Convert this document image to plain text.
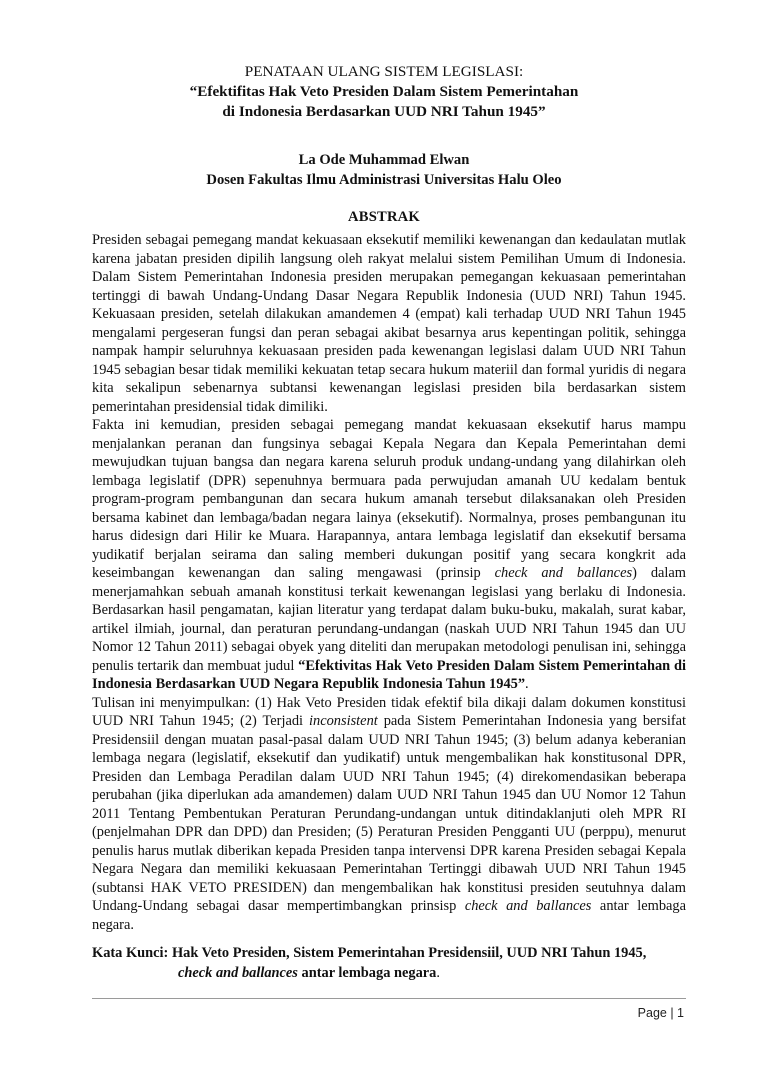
PENATAAN ULANG SISTEM LEGISLASI:
“Efektifitas Hak Veto Presiden Dalam Sistem Pemerintahan
di Indonesia Berdasarkan UUD NRI Tahun 1945”
La Ode Muhammad Elwan
Dosen Fakultas Ilmu Administrasi Universitas Halu Oleo
ABSTRAK

Presiden sebagai pemegang mandat kekuasaan eksekutif memiliki kewenangan dan kedaulatan mutlak karena jabatan presiden dipilih langsung oleh rakyat melalui sistem Pemilihan Umum di Indonesia. Dalam Sistem Pemerintahan Indonesia presiden merupakan pemegangan kekuasaan pemerintahan tertinggi di bawah Undang-Undang Dasar Negara Republik Indonesia (UUD NRI) Tahun 1945. Kekuasaan presiden, setelah dilakukan amandemen 4 (empat) kali terhadap UUD NRI Tahun 1945 mengalami pergeseran fungsi dan peran sebagai akibat besarnya arus kepentingan politik, sehingga nampak hampir seluruhnya kekuasaan presiden pada kewenangan legislasi dalam UUD NRI Tahun 1945 sebagian besar tidak memiliki kekuatan tetap secara hukum materiil dan formal yuridis di negara kita sekalipun sebenarnya subtansi kewenangan legislasi presiden bila berdasarkan sistem pemerintahan presidensial tidak dimiliki.

Fakta ini kemudian, presiden sebagai pemegang mandat kekuasaan eksekutif harus mampu menjalankan peranan dan fungsinya sebagai Kepala Negara dan Kepala Pemerintahan demi mewujudkan tujuan bangsa dan negara karena seluruh produk undang-undang yang dilahirkan oleh lembaga legislatif (DPR) sepenuhnya bermuara pada perwujudan amanah UU kedalam bentuk program-program pembangunan dan secara hukum amanah tersebut dilaksanakan oleh Presiden bersama kabinet dan lembaga/badan negara lainya (eksekutif). Normalnya, proses pembangunan itu harus didesign dari Hilir ke Muara. Harapannya, antara lembaga legislatif dan eksekutif bersama yudikatif berjalan seirama dan saling memberi dukungan positif yang secara kongkrit ada keseimbangan kewenangan dan saling mengawasi (prinsip check and ballances) dalam menerjamahkan sebuah amanah konstitusi terkait kewenangan legislasi yang berlaku di Indonesia. Berdasarkan hasil pengamatan, kajian literatur yang terdapat dalam buku-buku, makalah, surat kabar, artikel ilmiah, journal, dan peraturan perundang-undangan (naskah UUD NRI Tahun 1945 dan UU Nomor 12 Tahun 2011) sebagai obyek yang diteliti dan merupakan metodologi penulisan ini, sehingga penulis tertarik dan membuat judul “Efektivitas Hak Veto Presiden Dalam Sistem Pemerintahan di Indonesia Berdasarkan UUD Negara Republik Indonesia Tahun 1945”.

Tulisan ini menyimpulkan: (1) Hak Veto Presiden tidak efektif bila dikaji dalam dokumen konstitusi UUD NRI Tahun 1945; (2) Terjadi inconsistent pada Sistem Pemerintahan Indonesia yang bersifat Presidensiil dengan muatan pasal-pasal dalam UUD NRI Tahun 1945; (3) belum adanya keberanian lembaga negara (legislatif, eksekutif dan yudikatif) untuk mengembalikan hak konstitusonal DPR, Presiden dan Lembaga Peradilan dalam UUD NRI Tahun 1945; (4) direkomendasikan beberapa perubahan (jika diperlukan ada amandemen) dalam UUD NRI Tahun 1945 dan UU Nomor 12 Tahun 2011 Tentang Pembentukan Peraturan Perundang-undangan untuk ditindaklanjuti oleh MPR RI (penjelmahan DPR dan DPD) dan Presiden; (5) Peraturan Presiden Pengganti UU (perppu), menurut penulis harus mutlak diberikan kepada Presiden tanpa intervensi DPR karena Presiden sebagai Kepala Negara Negara dan memiliki kekuasaan Pemerintahan Tertinggi dibawah UUD NRI Tahun 1945 (subtansi HAK VETO PRESIDEN) dan mengembalikan hak konstitusi presiden seutuhnya dalam Undang-Undang sebagai dasar mempertimbangkan prinsisp check and ballances antar lembaga negara.

Kata Kunci: Hak Veto Presiden, Sistem Pemerintahan Presidensiil, UUD NRI Tahun 1945,
check and ballances antar lembaga negara.
Page | 1
